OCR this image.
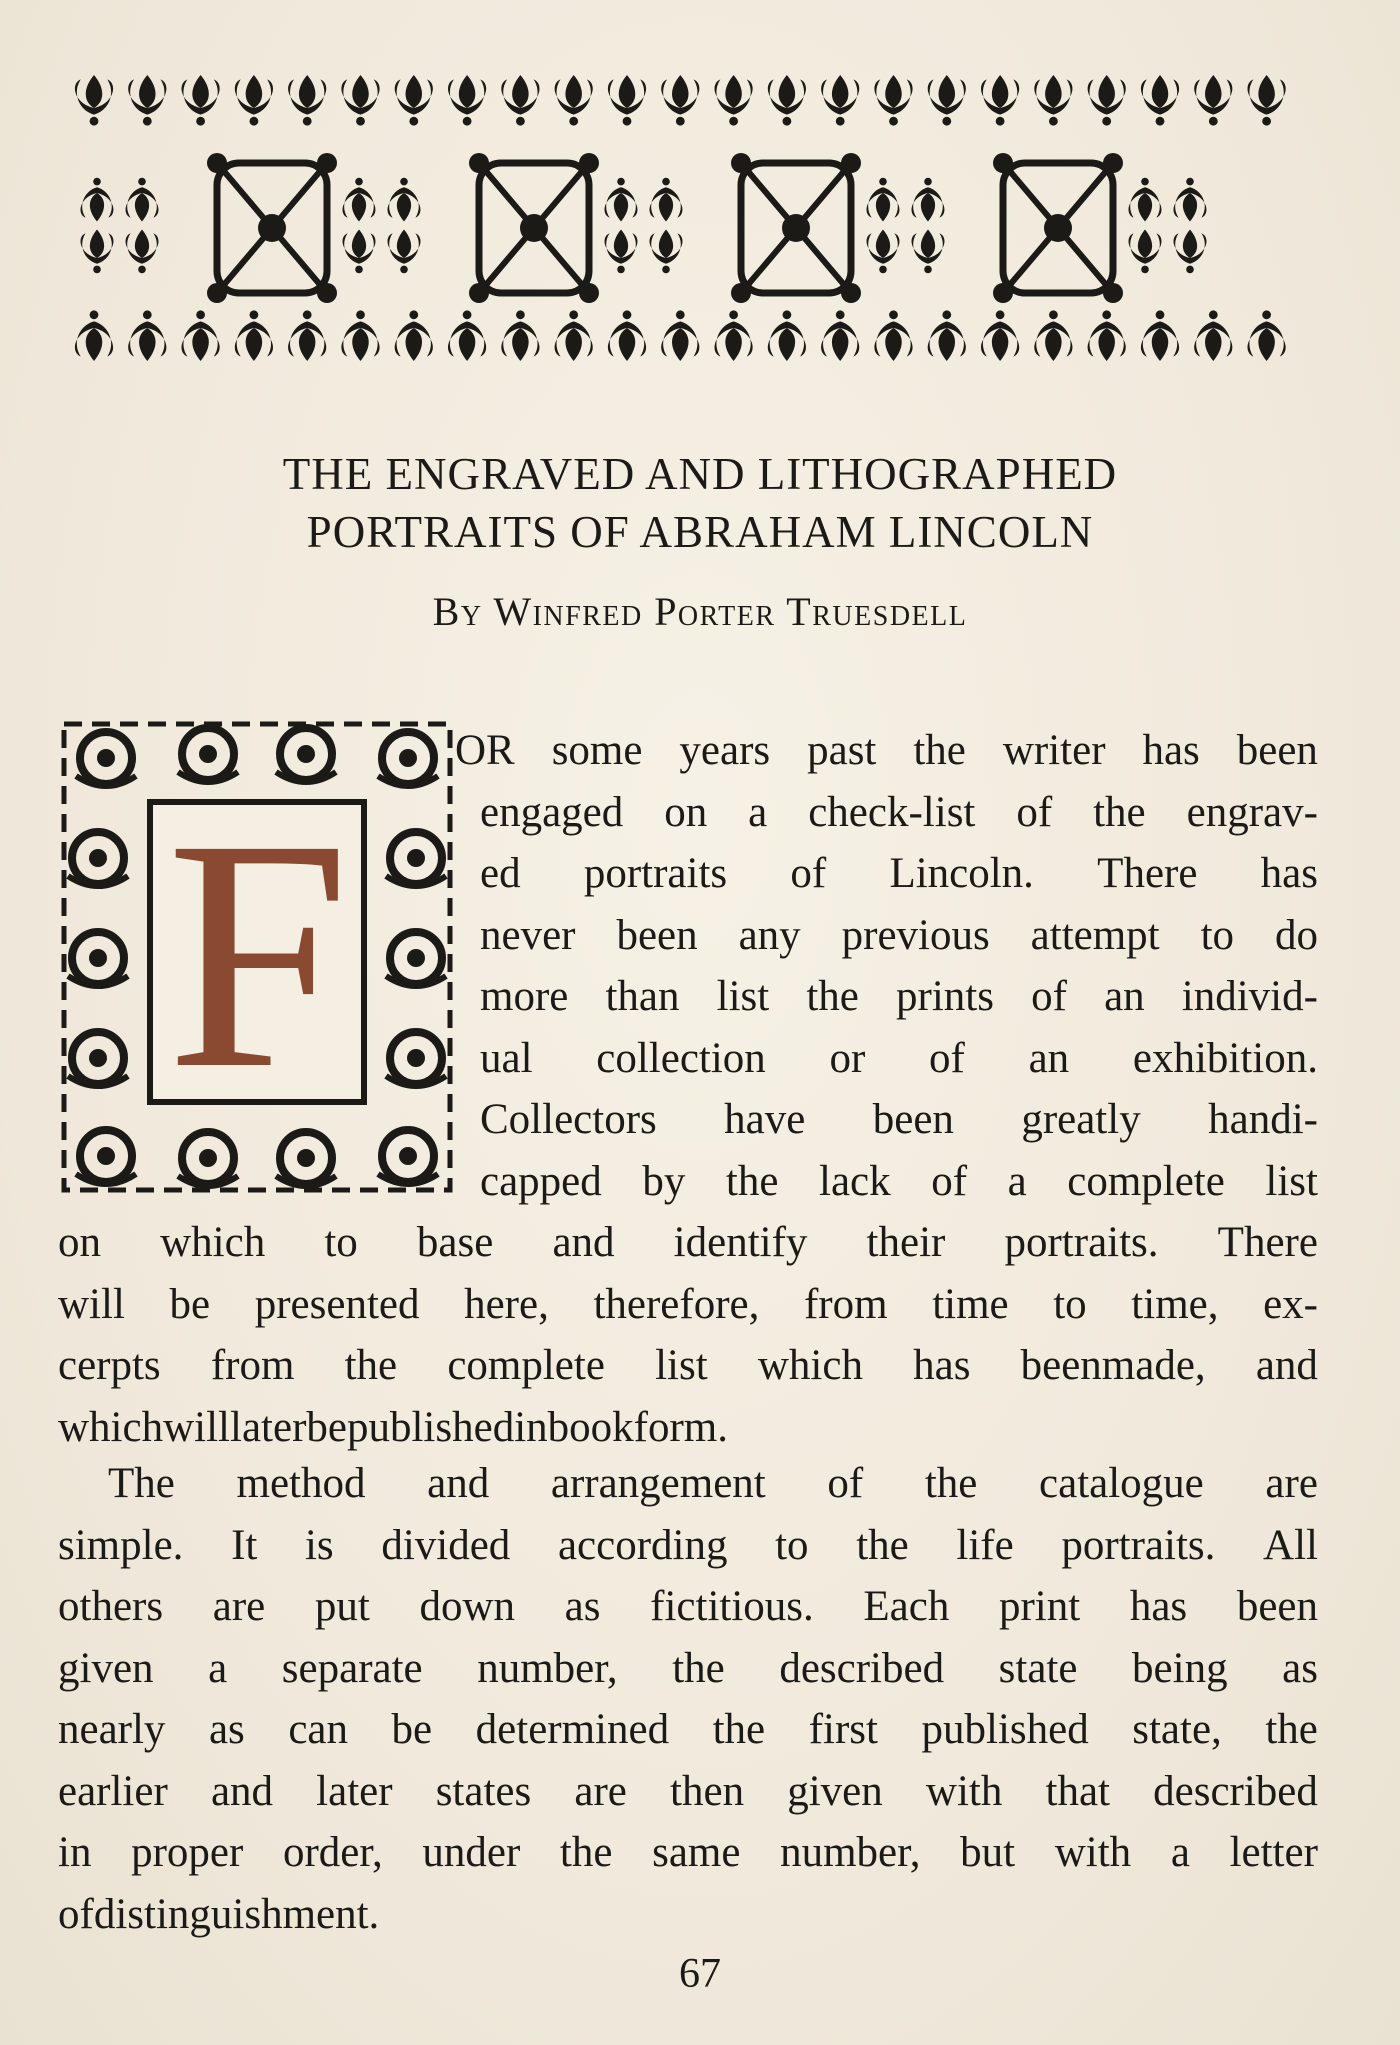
THE ENGRAVED AND LITHOGRAPHED
PORTRAITS OF ABRAHAM LINCOLN
By Winfred Porter Truesdell
F
OR some years past the writer has been
engaged on a check-list of the engrav-
ed portraits of Lincoln. There has
never been any previous attempt to do
more than list the prints of an individ-
ual collection or of an exhibition.
Collectors have been greatly handi-
capped by the lack of a complete list
on which to base and identify their portraits. There
will be presented here, therefore, from time to time, ex-
cerpts from the complete list which has beenmade, and
which will later be published in book form.
The method and arrangement of the catalogue are
simple. It is divided according to the life portraits. All
others are put down as fictitious. Each print has been
given a separate number, the described state being as
nearly as can be determined the first published state, the
earlier and later states are then given with that described
in proper order, under the same number, but with a letter
of distinguishment.
67
